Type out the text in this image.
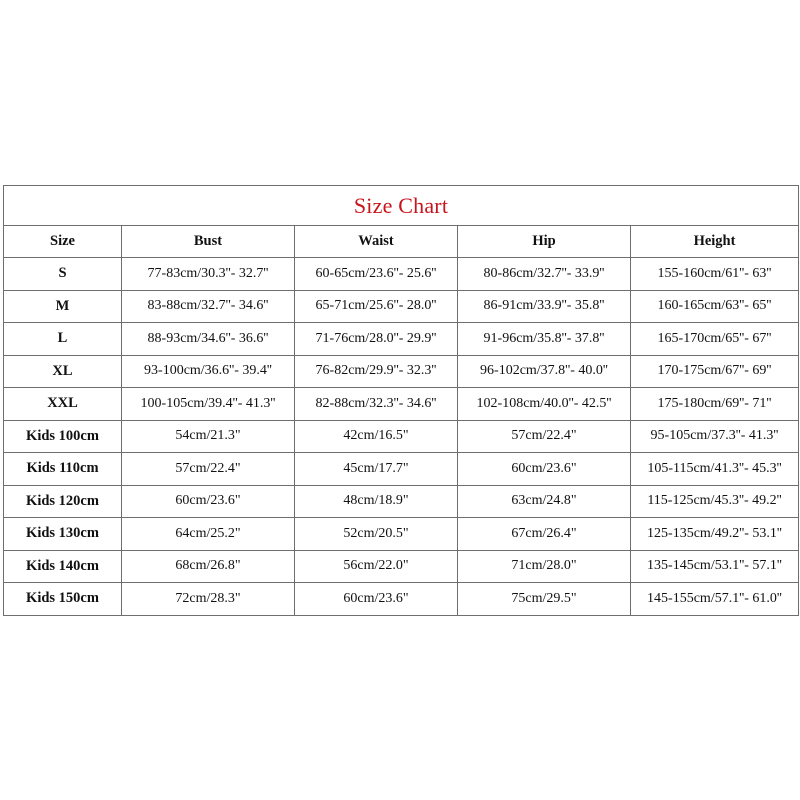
Size Chart				
Size	Bust	Waist	Hip	Height
S	77-83cm/30.3''- 32.7''	60-65cm/23.6''- 25.6''	80-86cm/32.7''- 33.9''	155-160cm/61''- 63''
M	83-88cm/32.7''- 34.6''	65-71cm/25.6''- 28.0''	86-91cm/33.9''- 35.8''	160-165cm/63''- 65''
L	88-93cm/34.6''- 36.6''	71-76cm/28.0''- 29.9''	91-96cm/35.8''- 37.8''	165-170cm/65''- 67''
XL	93-100cm/36.6''- 39.4''	76-82cm/29.9''- 32.3''	96-102cm/37.8''- 40.0''	170-175cm/67''- 69''
XXL	100-105cm/39.4''- 41.3''	82-88cm/32.3''- 34.6''	102-108cm/40.0''- 42.5''	175-180cm/69''- 71''
Kids 100cm	54cm/21.3"	42cm/16.5"	57cm/22.4"	95-105cm/37.3''- 41.3''
Kids 110cm	57cm/22.4"	45cm/17.7"	60cm/23.6"	105-115cm/41.3''- 45.3''
Kids 120cm	60cm/23.6"	48cm/18.9"	63cm/24.8"	115-125cm/45.3''- 49.2''
Kids 130cm	64cm/25.2"	52cm/20.5"	67cm/26.4"	125-135cm/49.2''- 53.1''
Kids 140cm	68cm/26.8"	56cm/22.0"	71cm/28.0"	135-145cm/53.1''- 57.1''
Kids 150cm	72cm/28.3"	60cm/23.6"	75cm/29.5"	145-155cm/57.1''- 61.0''
